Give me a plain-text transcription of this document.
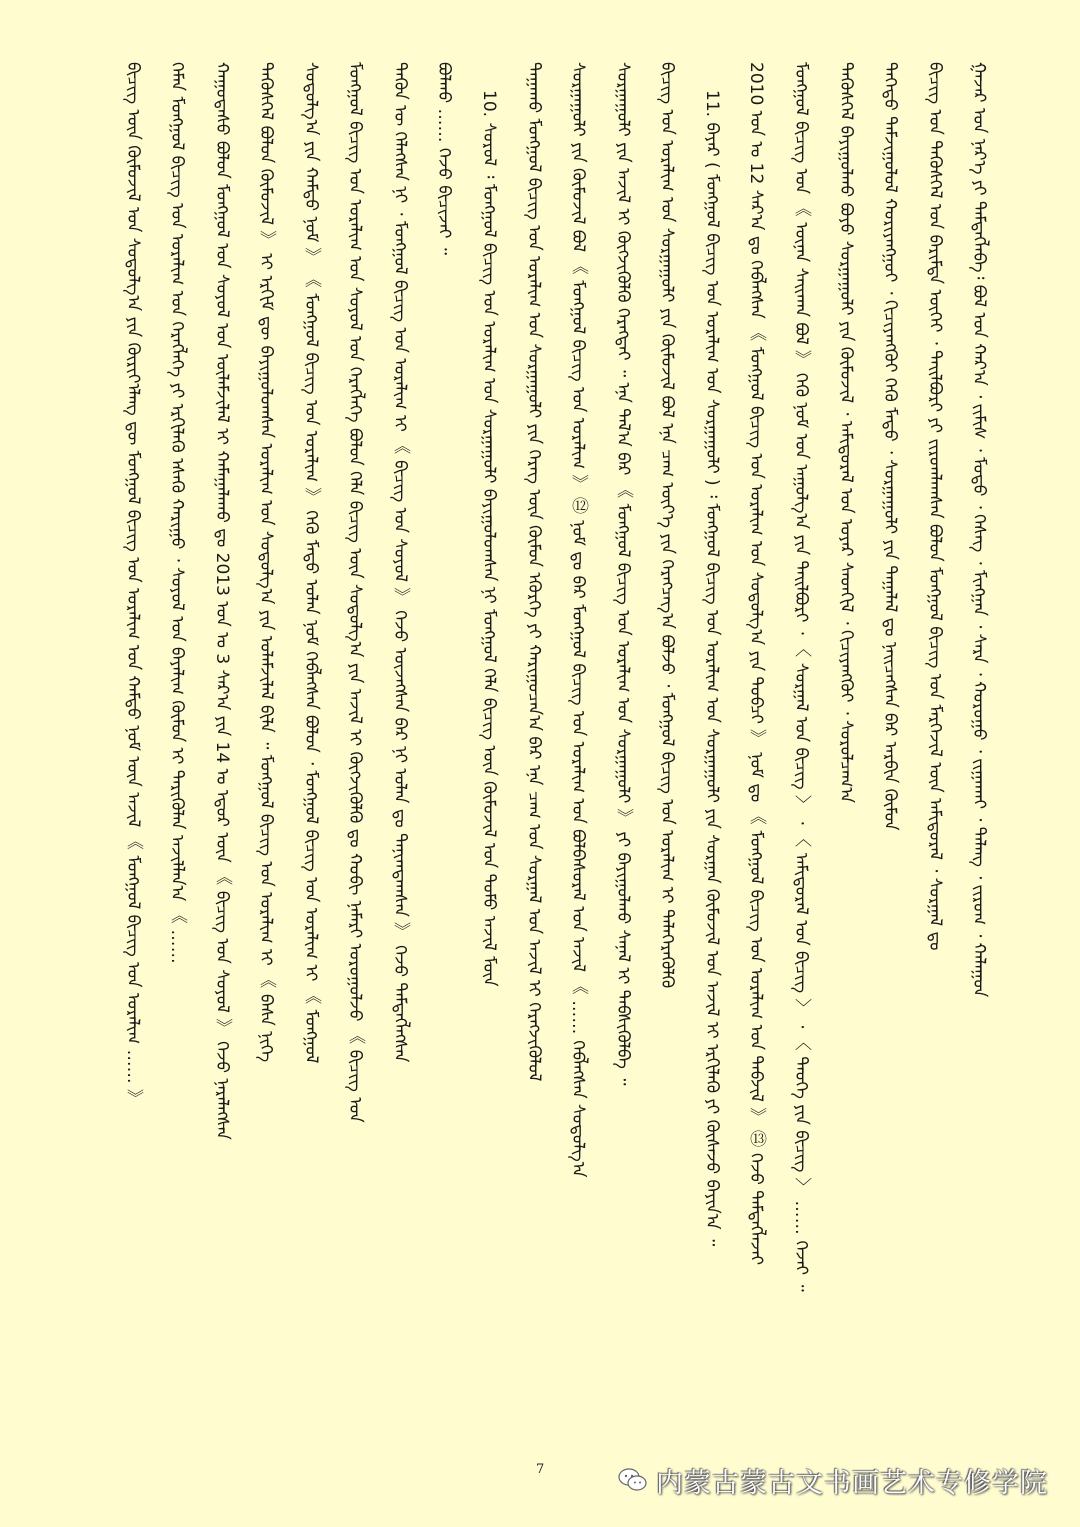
ᠭᠠᠵᠠᠷ ᠤᠨ ᠨᠡᠷ᠎ᠡ ᠶᠢ ᠲᠡᠮᠳᠡᠭᠯᠡᠪᠡ᠄ ᠪᠣᠯ ᠤᠨ ᠬᠠᠷ᠎ᠠ ᠂ ᠵᠢᠮᠢᠰ ᠂ ᠮᠣᠳᠣ ᠂ ᠬᠡᠰᠡᠭ ᠂ ᠮᠢᠩᠭᠠᠨ ᠂ ᠰᠠᠷᠠ ᠂ ᠬᠤᠷᠤᠭᠤ ᠂ ᠵᠢᠭᠠᠬᠠᠢ ᠂ ᠳᠡᠯᠡᠩ ᠂ ᠵᠢᠷᠤᠭ ᠂ ᠬᠠᠯᠠᠭᠤᠨ
ᠪᠢᠴᠢᠭ᠌ ᠤᠨ ᠲᠡᠭᠦᠰᠬᠡᠯ ᠤᠨ ᠪᠠᠷᠢᠮᠲᠠ ᠦᠬᠡᠢ ᠂ ᠲᠠᠢᠯᠪᠤᠷᠢ ᠶᠢ ᠵᠢᠷᠤᠭᠯᠠᠭᠰᠠᠨ ᠪᠤᠯᠤᠨ ᠮᠣᠩᠭᠣᠯ ᠪᠢᠴᠢᠭ᠌ ᠤᠨ ᠮᠡᠷᠭᠡᠵᠢᠯ ᠦᠨ ᠠᠮᠢᠳᠤᠷᠠᠯ ᠂ ᠰᠤᠷᠭᠠᠯ ᠳᠤ
ᠳᠡᠭᠡᠳᠦ ᠳᠠᠮᠵᠢᠭᠤᠯᠤᠯ ᠬᠣᠷᠢᠶᠠᠩᠭᠤᠢ ᠂ ᠬᠢᠴᠢᠶᠡᠩᠭᠦᠢ ᠭᠡᠬᠦ ᠮᠡᠲᠦ ᠂ ᠰᠤᠷᠭᠠᠭᠤᠯᠢ ᠶᠢᠨ ᠲᠠᠭᠠᠯᠠᠯ ᠳᠤ ᠨᠡᠢᠴᠡᠭᠰᠡᠨ ᠪᠡᠷ ᠠᠷᠪᠢᠨ ᠬᠦᠮᠦᠨ
ᠲᠡᠭᠦᠰᠬᠡᠯ ᠪᠠᠶᠢᠭᠤᠯᠬᠤ ᠪᠤᠶᠤ ᠰᠤᠷᠭᠠᠭᠤᠯᠢ ᠶᠢᠨ ᠬᠦᠮᠦᠵᠢᠯ ᠂ ᠠᠮᠢᠳᠤᠷᠠᠯ ᠤᠨ ᠤᠶᠠᠷ ᠰᠡᠳᠬᠢᠯ ᠂ ᠬᠢᠴᠢᠶᠡᠩᠭᠦᠢ ᠂ ᠰᠤᠷᠤᠯᠴᠠᠭ᠎ᠠ
ᠮᠣᠩᠭᠣᠯ ᠪᠢᠴᠢᠭ᠌ ᠤᠨ 《 ᠦᠨᠡᠨ ᠰᠠᠢᠬᠠᠨ ᠪᠣᠯ 》 ᠭᠡᠬᠦ ᠨᠣᠮ ᠤᠨ ᠠᠭᠤᠯᠭ᠎ᠠ ᠶᠢᠨ ᠲᠠᠢᠯᠪᠤᠷᠢ ᠂ 〈 ᠰᠤᠷᠭᠠᠯ ᠤᠨ ᠪᠢᠴᠢᠭ᠌ 〉 ᠂ 〈 ᠠᠮᠢᠳᠤᠷᠠᠯ ᠤᠨ ᠪᠢᠴᠢᠭ᠌ 〉 ᠂ 〈 ᠲᠡᠦᠬᠡ ᠶᠢᠨ ᠪᠢᠴᠢᠭ᠌ 〉 …… ᠭᠡᠵᠡᠢ ᠃
2010 ᠣᠨ ᠤ 12 ᠰᠠᠷ᠎ᠠ ᠳᠤ ᠬᠡᠪᠯᠡᠭᠰᠡᠨ 《 ᠮᠣᠩᠭᠣᠯ ᠪᠢᠴᠢᠭ᠌ ᠤᠨ ᠤᠷᠠᠯᠢᠭ ᠤᠨ ᠰᠤᠳᠤᠯᠭ᠎ᠠ ᠶᠢᠨ ᠲᠣᠪᠴᠢ 》 ᠨᠣᠮ ᠳᠤ 《 ᠮᠣᠩᠭᠣᠯ ᠪᠢᠴᠢᠭ᠌ ᠤᠨ ᠤᠷᠠᠯᠢᠭ ᠤᠨ ᠳᠡᠪᠵᠢᠯ 》 ⑬ ᠭᠡᠵᠦ ᠲᠡᠮᠳᠡᠭᠯᠡᠵᠡᠢ
11. ᠪᠠᠶᠠᠷ ( ᠮᠣᠩᠭᠣᠯ ᠪᠢᠴᠢᠭ᠌ ᠤᠨ ᠤᠷᠠᠯᠢᠭ ᠤᠨ ᠰᠤᠷᠭᠠᠭᠤᠯᠢ ) ᠄ ᠮᠣᠩᠭᠣᠯ ᠪᠢᠴᠢᠭ᠌ ᠤᠨ ᠤᠷᠠᠯᠢᠭ ᠤᠨ ᠰᠤᠷᠭᠠᠭᠤᠯᠢ ᠶᠢᠨ ᠰᠤᠷᠭᠠᠨ ᠬᠦᠮᠦᠵᠢᠯ ᠤᠨ ᠠᠵᠢᠯ ᠢ ᠡᠷᠬᠢᠯᠡᠬᠦ ᠶᠢ ᠬᠦᠰᠡᠵᠦ ᠪᠠᠶᠢᠨ᠎ᠠ ᠃
ᠪᠢᠴᠢᠭ᠌ ᠤᠨ ᠤᠷᠠᠯᠢᠭ ᠤᠨ ᠰᠤᠷᠭᠠᠭᠤᠯᠢ ᠶᠢᠨ ᠬᠦᠮᠦᠵᠢᠯ ᠪᠤᠯ ᠡᠨᠡ ᠴᠠᠭ ᠦᠶ᠎ᠡ ᠶᠢᠨ ᠬᠡᠷᠡᠭᠴᠡᠭ᠎ᠠ ᠪᠣᠯᠵᠤ ᠂ ᠮᠣᠩᠭᠣᠯ ᠪᠢᠴᠢᠭ᠌ ᠤᠨ ᠤᠷᠠᠯᠢᠭ ᠢ ᠳᠡᠯᠡᠭᠡᠷᠡᠭᠦᠯᠬᠦ
ᠰᠤᠷᠭᠠᠭᠤᠯᠢ ᠶᠢᠨ ᠠᠵᠢᠯ ᠢ ᠬᠦᠭᠵᠢᠭᠦᠯᠬᠦ ᠬᠡᠷᠡᠭᠲᠡᠢ ᠃ ᠡᠨᠡ ᠲᠠᠯ᠎ᠠ ᠪᠠᠷ 《 ᠮᠣᠩᠭᠣᠯ ᠪᠢᠴᠢᠭ᠌ ᠤᠨ ᠤᠷᠠᠯᠢᠭ ᠤᠨ ᠰᠤᠷᠭᠠᠭᠤᠯᠢ 》 ᠶᠢ ᠪᠠᠶᠢᠭᠤᠯᠬᠤ ᠰᠠᠨᠠᠯ ᠢ ᠳᠡᠪᠰᠢᠭᠦᠯᠪᠡ ᠃
ᠰᠤᠷᠭᠠᠭᠤᠯᠢ ᠶᠢᠨ ᠬᠦᠮᠦᠵᠢᠯ ᠪᠣᠯ 《 ᠮᠣᠩᠭᠣᠯ ᠪᠢᠴᠢᠭ᠌ ᠤᠨ ᠤᠷᠠᠯᠢᠭ 》 ⑫ ᠨᠣᠮ ᠳᠤ ᠪᠠᠷ ᠮᠣᠩᠭᠣᠯ ᠪᠢᠴᠢᠭ᠌ ᠤᠨ ᠤᠷᠠᠯᠢᠭ ᠤᠨ ᠪᠣᠯᠪᠠᠰᠤᠷᠠᠯ ᠤᠨ ᠠᠵᠢᠯ 《 …… ᠬᠡᠪᠯᠡᠭᠰᠡᠨ ᠰᠤᠳᠤᠯᠭ᠎ᠠ
ᠳᠠᠭᠠᠬᠤ ᠮᠣᠩᠭᠣᠯ ᠪᠢᠴᠢᠭ᠌ ᠤᠨ ᠤᠷᠠᠯᠢᠭ ᠤᠨ ᠰᠤᠷᠭᠠᠭᠤᠯᠢ ᠶᠢᠨ ᠬᠡᠷᠡᠭ ᠦᠨ ᠬᠦᠮᠦᠨ ᠡᠭᠦᠷᠭᠡ ᠶᠢ ᠬᠠᠷᠢᠭᠤᠴᠠᠨ᠎ᠠ ᠪᠡᠷ ᠡᠨᠡ ᠴᠠᠭ ᠤᠨ ᠰᠤᠷᠭᠠᠯ ᠤᠨ ᠠᠵᠢᠯ ᠢ ᠬᠡᠷᠡᠭᠵᠢᠭᠦᠯᠦᠯ
10. ᠰᠤᠷᠤᠯ ᠄ ᠮᠣᠩᠭᠣᠯ ᠪᠢᠴᠢᠭ᠌ ᠤᠨ ᠤᠷᠠᠯᠢᠭ ᠤᠨ ᠰᠤᠷᠭᠠᠭᠤᠯᠢ ᠪᠠᠶᠢᠭᠤᠯᠤᠭᠰᠠᠨ ᠨᠢ ᠮᠣᠩᠭᠣᠯ ᠬᠡᠯᠡ ᠪᠢᠴᠢᠭ᠌ ᠦᠨ ᠬᠦᠮᠦᠵᠢᠯ ᠤᠨ ᠲᠣᠮᠣ ᠠᠵᠢᠯ ᠮᠦᠨ
ᠪᠣᠯᠬᠤ …… ᠭᠡᠵᠦ ᠪᠢᠴᠢᠵᠡᠢ ᠃
ᠲᠡᠭᠦᠨ ᠦ ᠬᠡᠯᠡᠭᠰᠡᠨ ᠨᠢ ᠂ ᠮᠣᠩᠭᠣᠯ ᠪᠢᠴᠢᠭ᠌ ᠤᠨ ᠤᠷᠠᠯᠢᠭ ᠢ 《 ᠪᠢᠴᠢᠭ᠌ ᠤᠨ ᠰᠣᠶᠤᠯ 》 ᠭᠡᠵᠦ ᠦᠵᠡᠭᠰᠡᠨ ᠪᠡᠷ ᠨᠢ ᠣᠯᠠᠨ ᠳᠤ ᠲᠠᠨᠢᠭᠳᠠᠭᠰᠠᠨ 》 ᠭᠡᠵᠦ ᠲᠡᠮᠳᠡᠭᠯᠡᠭᠰᠡᠨ
ᠮᠣᠩᠭᠣᠯ ᠪᠢᠴᠢᠭ᠌ ᠤᠨ ᠤᠷᠠᠯᠢᠭ ᠤᠨ ᠰᠣᠶᠤᠯ ᠤᠨ ᠬᠡᠷᠡᠭᠯᠡᠭᠡ ᠪᠣᠯᠤᠨ ᠬᠡᠯᠡ ᠪᠢᠴᠢᠭ᠌ ᠦᠨ ᠰᠤᠳᠤᠯᠭ᠎ᠠ ᠶᠢᠨ ᠠᠵᠢᠯ ᠢ ᠬᠦᠭᠵᠢᠭᠦᠯᠬᠦ ᠳᠤ ᠬᠤᠪᠢ ᠨᠡᠮᠡᠷᠢ ᠣᠷᠤᠭᠤᠯᠵᠤ 《 ᠪᠢᠴᠢᠭ᠌ ᠤᠨ
ᠰᠤᠳᠤᠯᠭ᠎ᠠ ᠶᠢᠨ ᠬᠠᠮᠲᠤ ᠨᠣᠮ 》 《 ᠮᠣᠩᠭᠣᠯ ᠪᠢᠴᠢᠭ᠌ ᠤᠨ ᠤᠷᠠᠯᠢᠭ 》 ᠭᠡᠬᠦ ᠮᠡᠲᠦ ᠣᠯᠠᠨ ᠨᠣᠮ ᠬᠡᠪᠯᠡᠭᠰᠡᠨ ᠪᠣᠯᠤᠨ ᠂ ᠮᠣᠩᠭᠣᠯ ᠪᠢᠴᠢᠭ᠌ ᠤᠨ ᠤᠷᠠᠯᠢᠭ ᠢ 《 ᠮᠣᠩᠭᠣᠯ
ᠲᠡᠭᠦᠰᠬᠡᠯ ᠪᠣᠯᠤᠨ ᠬᠦᠮᠦᠵᠢᠯ 》 ᠢ ᠡᠷᠬᠢᠮ ᠳᠦ ᠪᠠᠶᠢᠭᠤᠯᠤᠭᠰᠠᠨ ᠤᠷᠠᠯᠢᠭ ᠤᠨ ᠰᠤᠳᠤᠯᠭ᠎ᠠ ᠶᠢᠨ ᠤᠯᠠᠮᠵᠢᠯᠠᠯ ᠪᠢᠯᠡ ᠃ ᠮᠣᠩᠭᠣᠯ ᠪᠢᠴᠢᠭ᠌ ᠤᠨ ᠤᠷᠠᠯᠢᠭ ᠢ 《 ᠪᠠᠰᠠ ᠨᠢᠭᠡ
ᠬᠠᠭᠤᠳᠠᠰᠤ ᠪᠣᠯᠤᠨ ᠮᠣᠩᠭᠣᠯ ᠤᠨ ᠰᠣᠶᠤᠯ ᠤᠨ ᠦᠯᠡᠮᠵᠢᠯᠡᠯ ᠢ ᠬᠠᠮᠠᠭᠠᠯᠠᠬᠤ ᠳᠤ 2013 ᠣᠨ ᠤ 3 ᠰᠠᠷ᠎ᠠ ᠶᠢᠨ 14 ᠤ ᠡᠳᠦᠷ ᠦᠨ 《 ᠪᠢᠴᠢᠭ᠌ ᠤᠨ ᠰᠣᠶᠤᠯ 》 ᠭᠡᠵᠦ ᠨᠡᠷᠡᠯᠡᠭᠰᠡᠨ
ᠬᠡᠮᠡᠨ ᠮᠣᠩᠭᠣᠯ ᠪᠢᠴᠢᠭ᠌ ᠤᠨ ᠤᠷᠠᠯᠢᠭ ᠤᠨ ᠬᠡᠷᠡᠭᠯᠡᠭᠡ ᠶᠢ ᠡᠷᠬᠢᠯᠡᠬᠦ ᠡᠰᠡᠬᠦ ᠬᠠᠷᠢᠭᠤ ᠂ ᠰᠣᠶᠤᠯ ᠤᠨ ᠪᠠᠶᠠᠯᠢᠭ ᠬᠦᠮᠦᠨ ᠢ ᠲᠡᠷᠢᠭᠦᠯᠡᠨ ᠠᠵᠢᠯᠯᠠᠨ᠎ᠠ 《 ……
ᠪᠢᠴᠢᠭ᠌ ᠦᠨ ᠬᠦᠮᠦᠵᠢᠯ ᠤᠨ ᠰᠤᠳᠤᠯᠭ᠎ᠠ ᠶᠢᠨ ᠬᠦᠷᠢᠶ᠎ᠡᠯᠡᠩ ᠳᠦ ᠮᠣᠩᠭᠣᠯ ᠪᠢᠴᠢᠭ᠌ ᠤᠨ ᠤᠷᠠᠯᠢᠭ ᠤᠨ ᠬᠠᠮᠲᠤ ᠨᠣᠮ ᠦᠨ ᠠᠵᠢᠯ 《 ᠮᠣᠩᠭᠣᠯ ᠪᠢᠴᠢᠭ᠌ ᠤᠨ ᠤᠷᠠᠯᠢᠭ …… 》
7	内蒙古蒙古文书画艺术专修学院
